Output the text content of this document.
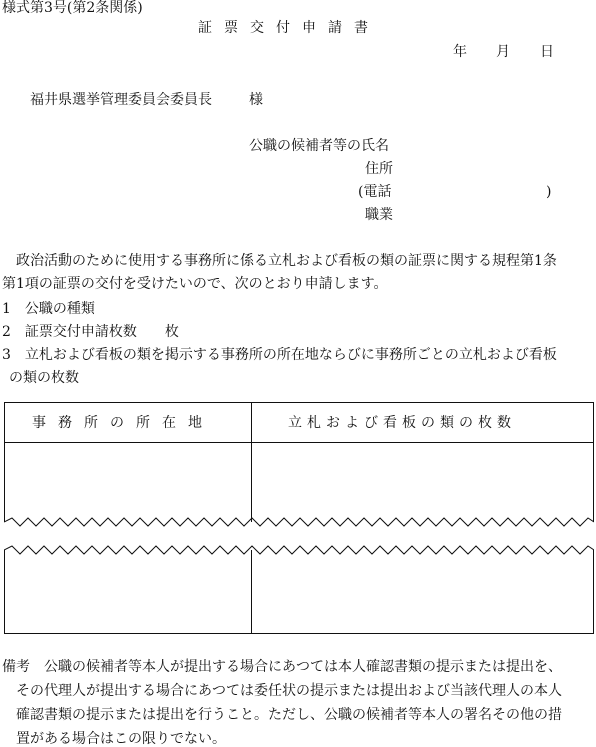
様式第3号(第2条関係)
証票交付申請書
年 月 日
福井県選挙管理委員会委員長	様
公職の候補者等の氏名
住所
(電話	)
職業
政治活動のために使用する事務所に係る立札および看板の類の証票に関する規程第1条
第1項の証票の交付を受けたいので、次のとおり申請します。
1　公職の種類
2　証票交付申請枚数　　枚
3　立札および看板の類を掲示する事務所の所在地ならびに事務所ごとの立札および看板
の類の枚数
事務所の所在地	立札および看板の類の枚数
備考　公職の候補者等本人が提出する場合にあつては本人確認書類の提示または提出を、
その代理人が提出する場合にあつては委任状の提示または提出および当該代理人の本人
確認書類の提示または提出を行うこと。ただし、公職の候補者等本人の署名その他の措
置がある場合はこの限りでない。
